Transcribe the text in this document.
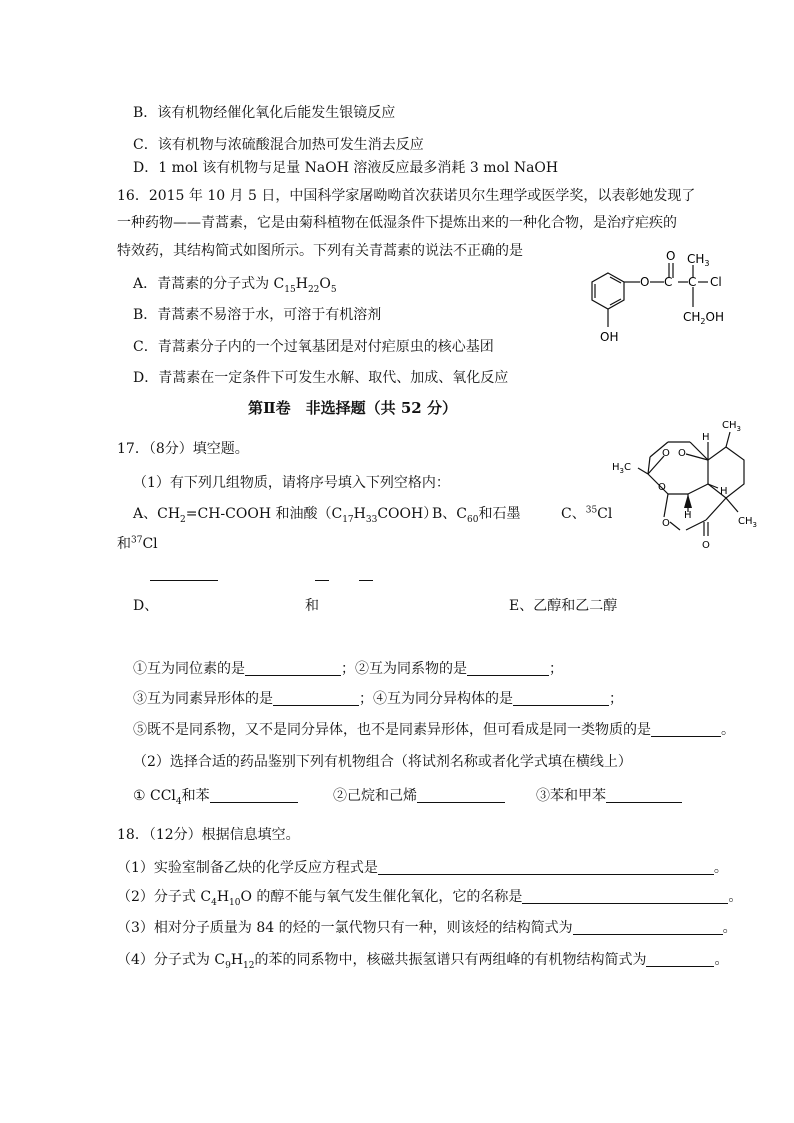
B．该有机物经催化氧化后能发生银镜反应
C．该有机物与浓硫酸混合加热可发生消去反应
D．1 mol 该有机物与足量 NaOH 溶液反应最多消耗 3 mol NaOH
16．2015 年 10 月 5 日，中国科学家屠呦呦首次获诺贝尔生理学或医学奖，以表彰她发现了
一种药物——青蒿素，它是由菊科植物在低湿条件下提炼出来的一种化合物，是治疗疟疾的
特效药，其结构简式如图所示。下列有关青蒿素的说法不正确的是
A．青蒿素的分子式为 $C_{15}H_{22}O_5$
B．青蒿素不易溶于水，可溶于有机溶剂
C．青蒿素分子内的一个过氧基团是对付疟原虫的核心基团
D．青蒿素在一定条件下可发生水解、取代、加成、氧化反应
O
O
C C
$CH_3$
Cl
$CH_2OH$
OH
第Ⅱ卷　非选择题（共 52 分）
$CH_3$
H
$H_3C$
O O
O
H
H
O
O
$CH_3$
17．（8分）填空题。
（1）有下列几组物质，请将序号填入下列空格内：
A、$CH_2=CH$-COOH 和油酸$(C_{17}H_{33}COOH)$
B、$C_{60}$和石墨	C、$^{35}$Cl
和$^{37}$Cl
D、	和	E、乙醇和乙二醇
①互为同位素的是	；②互为同系物的是	；
③互为同素异形体的是	；④互为同分异构体的是	；
⑤既不是同系物，又不是同分异体，也不是同素异形体，但可看成是同一类物质的是	。
（2）选择合适的药品鉴别下列有机物组合（将试剂名称或者化学式填在横线上）
① CCl$_4$和苯	②己烷和己烯	③苯和甲苯
18．（12分）根据信息填空。
（1）实验室制备乙炔的化学反应方程式是	。
（2）分子式 $C_4H_{10}O$ 的醇不能与氧气发生催化氧化，它的名称是	。
（3）相对分子质量为 84 的烃的一氯代物只有一种，则该烃的结构简式为	。
（4）分子式为 $C_9H_{12}$的苯的同系物中，核磁共振氢谱只有两组峰的有机物结构简式为	。
